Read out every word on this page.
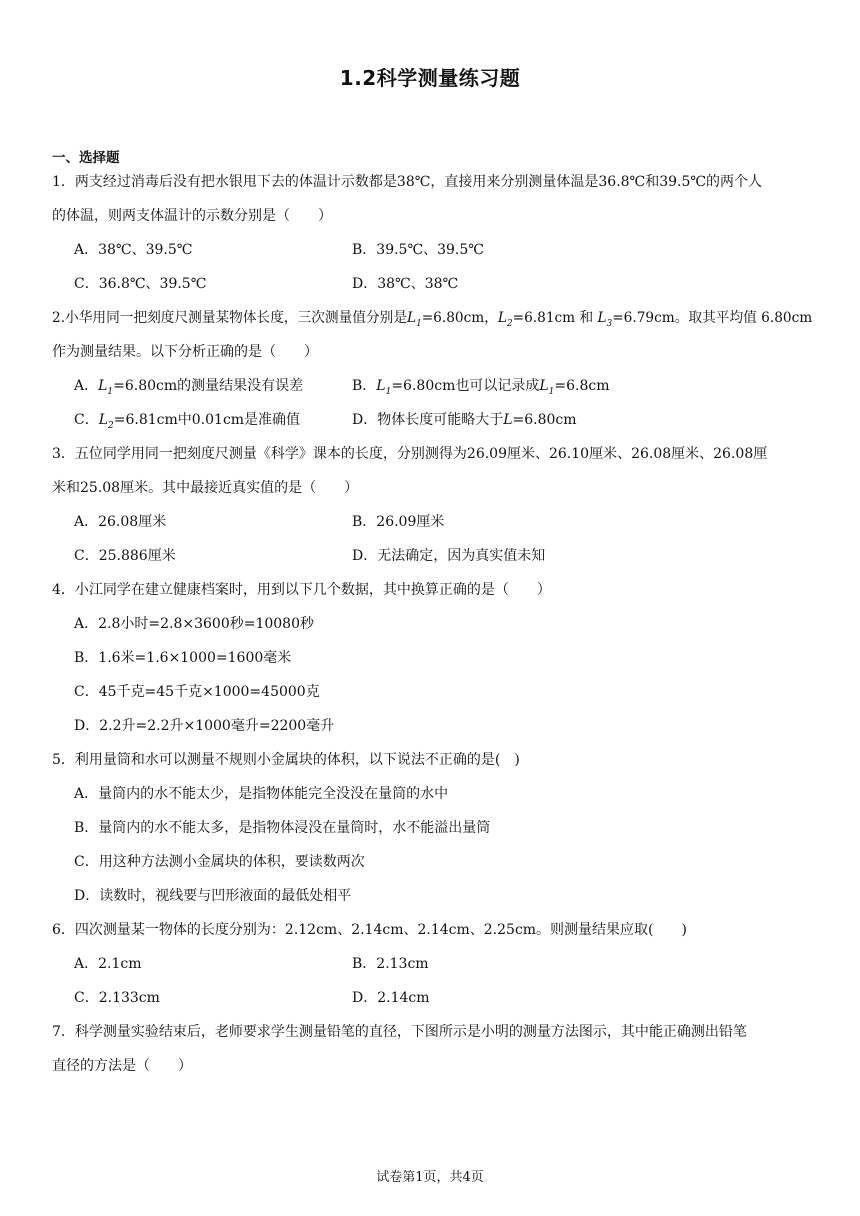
1.2科学测量练习题
一、选择题
1．两支经过消毒后没有把水银甩下去的体温计示数都是38℃，直接用来分别测量体温是36.8℃和39.5℃的两个人
的体温，则两支体温计的示数分别是（　　）
A．38℃、39.5℃	B．39.5℃、39.5℃
C．36.8℃、39.5℃	D．38℃、38℃
2.小华用同一把刻度尺测量某物体长度，三次测量值分别是$L_1=6.80cm$，$L_2=6.81cm$ 和 $L_3=6.79cm$。取其平均值 6.80cm
作为测量结果。以下分析正确的是（　　）
A．$L_1=6.80cm$的测量结果没有误差	B．$L_1=6.80cm$也可以记录成$L_1=6.8cm$
C．$L_2=6.81cm$中0.01cm是准确值	D．物体长度可能略大于L=6.80cm
3．五位同学用同一把刻度尺测量《科学》课本的长度，分别测得为26.09厘米、26.10厘米、26.08厘米、26.08厘
米和25.08厘米。其中最接近真实值的是（　　）
A．26.08厘米	B．26.09厘米
C．25.886厘米	D．无法确定，因为真实值未知
4．小江同学在建立健康档案时，用到以下几个数据，其中换算正确的是（　　）
A．2.8小时=2.8×3600秒=10080秒
B．1.6米=1.6×1000=1600毫米
C．45千克=45千克×1000=45000克
D．2.2升=2.2升×1000毫升=2200毫升
5．利用量筒和水可以测量不规则小金属块的体积，以下说法不正确的是(　)
A．量筒内的水不能太少，是指物体能完全没没在量筒的水中
B．量筒内的水不能太多，是指物体浸没在量筒时，水不能溢出量筒
C．用这种方法测小金属块的体积，要读数两次
D．读数时，视线要与凹形液面的最低处相平
6．四次测量某一物体的长度分别为：2.12cm、2.14cm、2.14cm、2.25cm。则测量结果应取(　　)
A．2.1cm	B．2.13cm
C．2.133cm	D．2.14cm
7．科学测量实验结束后，老师要求学生测量铅笔的直径，下图所示是小明的测量方法图示，其中能正确测出铅笔
直径的方法是（　　）
试卷第1页，共4页
